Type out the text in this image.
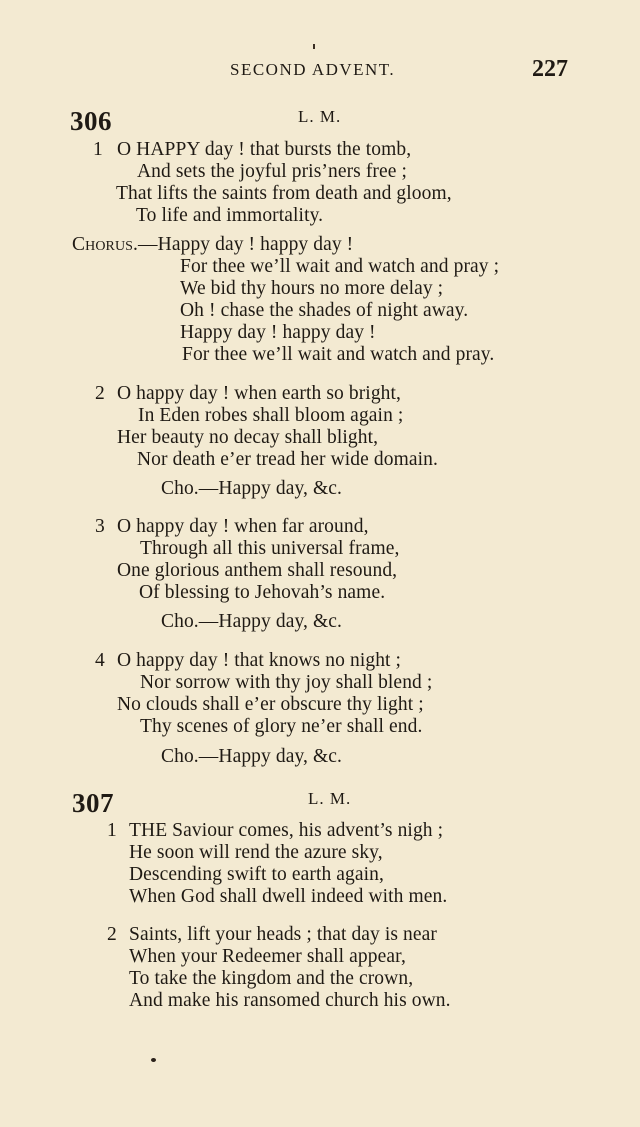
SECOND ADVENT.	227
306	L. M.
1 O HAPPY day ! that bursts the tomb,
And sets the joyful pris’ners free ;
That lifts the saints from death and gloom,
To life and immortality.
Chorus.—Happy day ! happy day !
For thee we’ll wait and watch and pray ;
We bid thy hours no more delay ;
Oh ! chase the shades of night away.
Happy day ! happy day !
For thee we’ll wait and watch and pray.
2 O happy day ! when earth so bright,
In Eden robes shall bloom again ;
Her beauty no decay shall blight,
Nor death e’er tread her wide domain.
Cho.—Happy day, &c.
3 O happy day ! when far around,
Through all this universal frame,
One glorious anthem shall resound,
Of blessing to Jehovah’s name.
Cho.—Happy day, &c.
4 O happy day ! that knows no night ;
Nor sorrow with thy joy shall blend ;
No clouds shall e’er obscure thy light ;
Thy scenes of glory ne’er shall end.
Cho.—Happy day, &c.
307	L. M.
1 THE Saviour comes, his advent’s nigh ;
He soon will rend the azure sky,
Descending swift to earth again,
When God shall dwell indeed with men.
2 Saints, lift your heads ; that day is near
When your Redeemer shall appear,
To take the kingdom and the crown,
And make his ransomed church his own.
